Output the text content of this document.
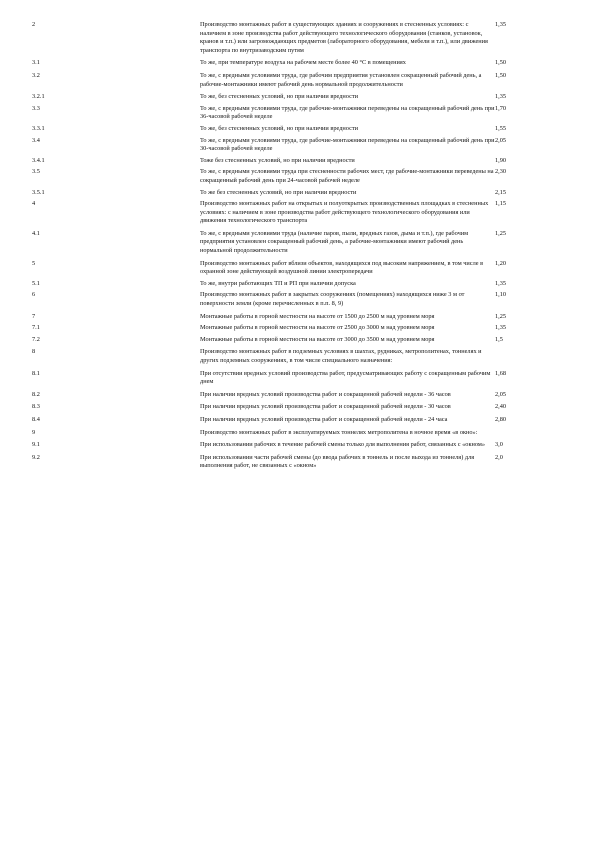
2	Производство монтажных работ в существующих зданиях и сооружениях в стесненных условиях: с наличием в зоне производства работ действующего технологического оборудования (станков, установок, кранов и т.п.) или загромождающих предметов (лабораторного оборудования, мебели и т.п.), или движения транспорта по внутризаводским путям	1,35
3.1	То же, при температуре воздуха на рабочем месте более 40 °С в помещениях	1,50
3.2	То же, с вредными условиями труда, где рабочим предприятия установлен сокращенный рабочий день, а рабочие-монтажники имеют рабочий день нормальной продолжительности	1,50
3.2.1	То же, без стесненных условий, но при наличии вредности	1,35
3.3	То же, с вредными условиями труда, где рабочие-монтажники переведены на сокращенный рабочий день при 36-часовой рабочей неделе	1,70
3.3.1	То же, без стесненных условий, но при наличии вредности	1,55
3.4	То же, с вредными условиями труда, где рабочие-монтажники переведены на сокращенный рабочий день при 30-часовой рабочей неделе	2,05
3.4.1	Тоже без стесненных условий, но при наличии вредности	1,90
3.5	То же, с вредными условиями труда при стесненности рабочих мест, где рабочие-монтажники переведены на сокращенный рабочий день при 24-часовой рабочей неделе	2,30
3.5.1	То же без стесненных условий, но при наличии вредности	2,15
4	Производство монтажных работ на открытых и полуоткрытых производственных площадках в стесненных условиях: с наличием в зоне производства работ действующего технологического оборудования или движения технологического транспорта	1,15
4.1	То же, с вредными условиями труда (наличие паров, пыли, вредных газов, дыма и т.п.), где рабочим предприятия установлен сокращенный рабочий день, а рабочие-монтажники имеют рабочий день нормальной продолжительности	1,25
5	Производство монтажных работ вблизи объектов, находящихся под высоким напряжением, в том числе в охранной зоне действующей воздушной линии электропередачи	1,20
5.1	То же, внутри работающих ТП и РП при наличии допуска	1,35
6	Производство монтажных работ в закрытых сооружениях (помещениях) находящихся ниже 3 м от поверхности земли (кроме перечисленных в п.п. 8, 9)	1,10
7	Монтажные работы в горной местности на высоте от 1500 до 2500 м над уровнем моря	1,25
7.1	Монтажные работы в горной местности на высоте от 2500 до 3000 м над уровнем моря	1,35
7.2	Монтажные работы в горной местности на высоте от 3000 до 3500 м над уровнем моря	1,5
8	Производство монтажных работ в подземных условиях в шахтах, рудниках, метрополитенах, тоннелях и других подземных сооружениях, в том числе специального назначения:	
8.1	При отсутствии вредных условий производства работ, предусматривающих работу с сокращенным рабочим днем	1,68
8.2	При наличии вредных условий производства работ и сокращенной рабочей недели - 36 часов	2,05
8.3	При наличии вредных условий производства работ и сокращенной рабочей недели - 30 часов	2,40
8.4	При наличии вредных условий производства работ и сокращенной рабочей недели - 24 часа	2,80
9	Производство монтажных работ в эксплуатируемых тоннелях метрополитена в ночное время «в окно»:	
9.1	При использовании рабочих в течение рабочей смены только для выполнения работ, связанных с «окном»	3,0
9.2	При использовании части рабочей смены (до ввода рабочих в тоннель и после выхода из тоннеля) для выполнения работ, не связанных с «окном»	2,0
